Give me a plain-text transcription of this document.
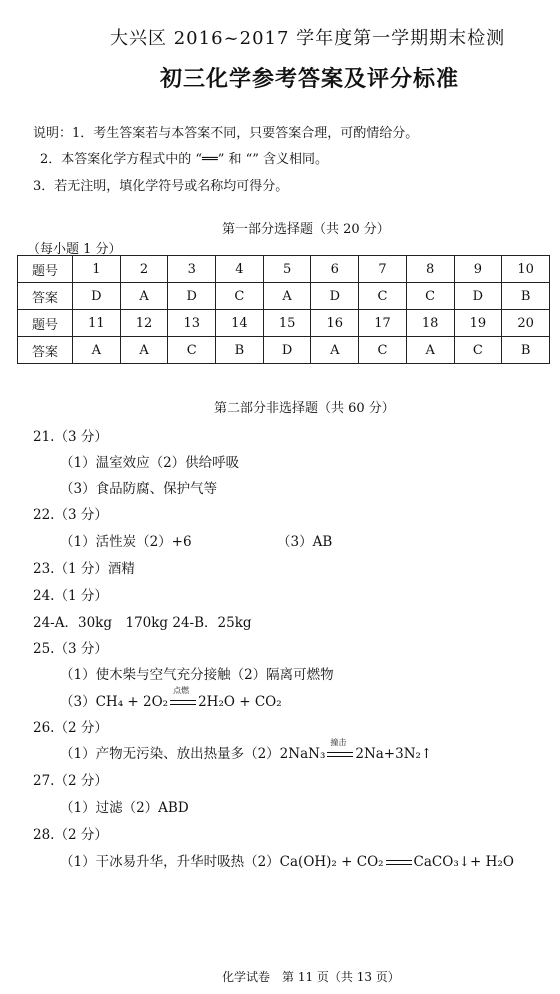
大兴区 2016~2017 学年度第一学期期末检测
初三化学参考答案及评分标准
说明：1．考生答案若与本答案不同，只要答案合理，可酌情给分。
2．本答案化学方程式中的 “══” 和 “” 含义相同。
3．若无注明，填化学符号或名称均可得分。
第一部分选择题（共 20 分）
（每小题 1 分）
题号	1	2	3	4	5	6	7	8	9	10
答案	D	A	D	C	A	D	C	C	D	B
题号	11	12	13	14	15	16	17	18	19	20
答案	A	A	C	B	D	A	C	A	C	B
第二部分非选择题（共 60 分）
21.（3 分）
（1）温室效应（2）供给呼吸
（3）食品防腐、保护气等
22.（3 分）
（1）活性炭（2）+6	（3）AB
23.（1 分）酒精
24.（1 分）
24-A．30kg　170kg 24-B．25kg
25.（3 分）
（1）使木柴与空气充分接触（2）隔离可燃物
（3）CH₄ + 2O₂
点燃
2H₂O + CO₂
26.（2 分）
（1）产物无污染、放出热量多（2）2NaN₃
撞击
2Na+3N₂↑
27.（2 分）
（1）过滤（2）ABD
28.（2 分）
（1）干冰易升华，升华时吸热（2）Ca(OH)₂ + CO₂ CaCO₃↓+ H₂O
化学试卷　第 11 页（共 13 页）
